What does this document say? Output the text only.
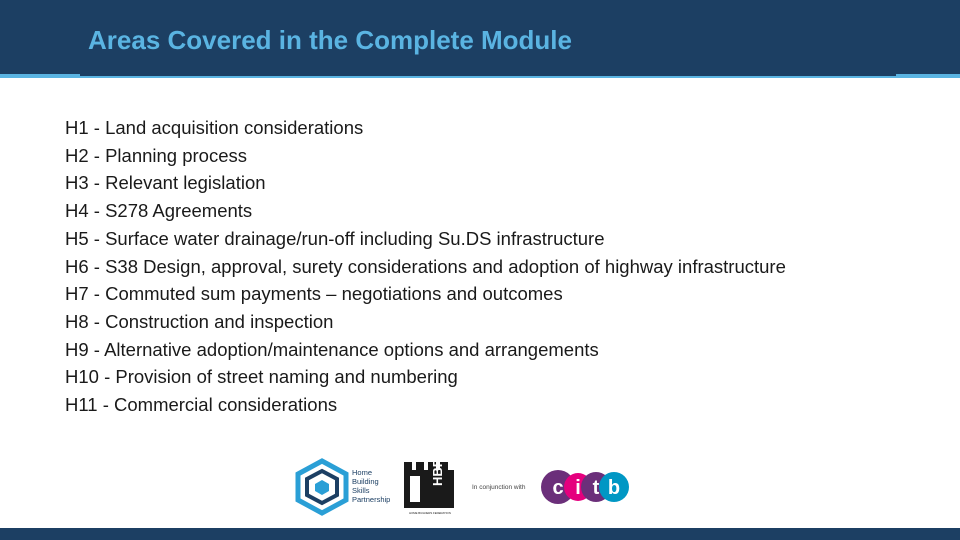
Areas Covered in the Complete Module
H1 - Land acquisition considerations
H2 - Planning process
H3 - Relevant legislation
H4 - S278 Agreements
H5 - Surface water drainage/run-off including Su.DS infrastructure
H6 - S38 Design, approval, surety considerations and adoption of highway infrastructure
H7 - Commuted sum payments – negotiations and outcomes
H8 - Construction and inspection
H9 - Alternative adoption/maintenance options and arrangements
H10 - Provision of street naming and numbering
H11 - Commercial considerations
Home
Building
Skills
Partnership
HBF
HOME BUILDERS FEDERATION
In conjunction with c i t b
